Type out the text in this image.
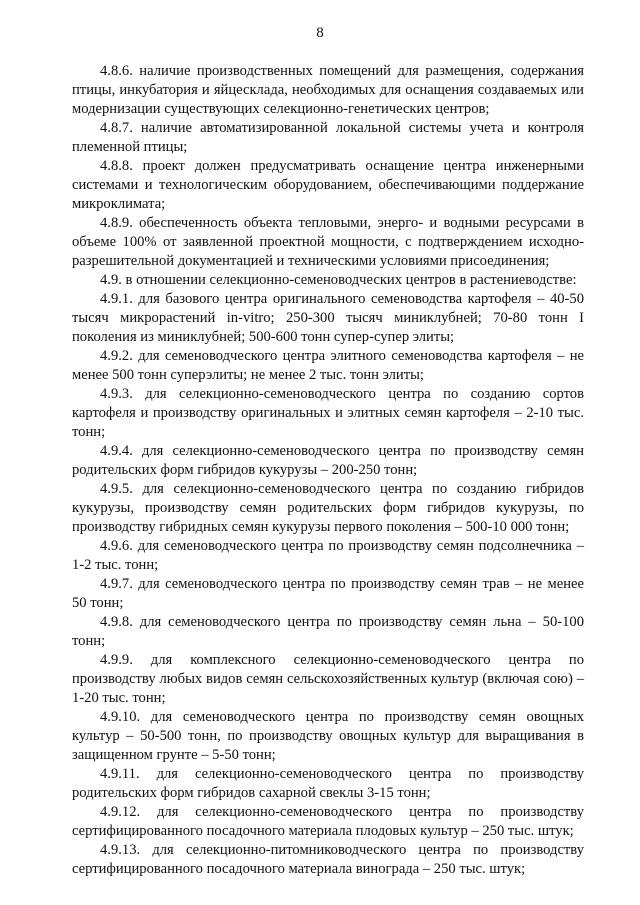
8

4.8.6. наличие производственных помещений для размещения, содержания птицы, инкубатория и яйцесклада, необходимых для оснащения создаваемых или модернизации существующих селекционно-генетических центров;

4.8.7. наличие автоматизированной локальной системы учета и контроля племенной птицы;

4.8.8. проект должен предусматривать оснащение центра инженерными системами и технологическим оборудованием, обеспечивающими поддержание микроклимата;

4.8.9. обеспеченность объекта тепловыми, энерго- и водными ресурсами в объеме 100% от заявленной проектной мощности, с подтверждением исходно-разрешительной документацией и техническими условиями присоединения;

4.9. в отношении селекционно-семеноводческих центров в растениеводстве:

4.9.1. для базового центра оригинального семеноводства картофеля – 40-50 тысяч микрорастений in-vitro; 250-300 тысяч миниклубней; 70-80 тонн I поколения из миниклубней; 500-600 тонн супер-супер элиты;

4.9.2. для семеноводческого центра элитного семеноводства картофеля – не менее 500 тонн суперэлиты; не менее 2 тыс. тонн элиты;

4.9.3. для селекционно-семеноводческого центра по созданию сортов картофеля и производству оригинальных и элитных семян картофеля – 2-10 тыс. тонн;

4.9.4. для селекционно-семеноводческого центра по производству семян родительских форм гибридов кукурузы – 200-250 тонн;

4.9.5. для селекционно-семеноводческого центра по созданию гибридов кукурузы, производству семян родительских форм гибридов кукурузы, по производству гибридных семян кукурузы первого поколения – 500-10 000 тонн;

4.9.6. для семеноводческого центра по производству семян подсолнечника – 1-2 тыс. тонн;

4.9.7. для семеноводческого центра по производству семян трав – не менее 50 тонн;

4.9.8. для семеноводческого центра по производству семян льна – 50-100 тонн;

4.9.9. для комплексного селекционно-семеноводческого центра по производству любых видов семян сельскохозяйственных культур (включая сою) – 1-20 тыс. тонн;

4.9.10. для семеноводческого центра по производству семян овощных культур – 50-500 тонн, по производству овощных культур для выращивания в защищенном грунте – 5-50 тонн;

4.9.11. для селекционно-семеноводческого центра по производству родительских форм гибридов сахарной свеклы 3-15 тонн;

4.9.12. для селекционно-семеноводческого центра по производству сертифицированного посадочного материала плодовых культур – 250 тыс. штук;

4.9.13. для селекционно-питомниководческого центра по производству сертифицированного посадочного материала винограда – 250 тыс. штук;
